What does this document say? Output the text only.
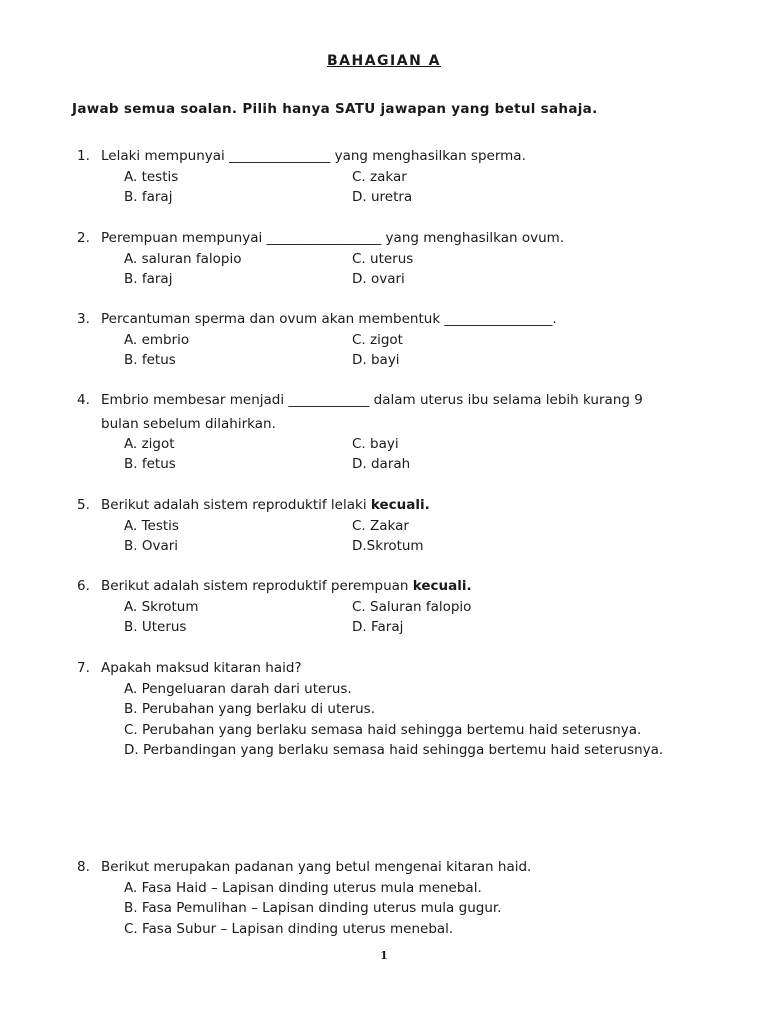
BAHAGIAN A
Jawab semua soalan. Pilih hanya SATU jawapan yang betul sahaja.
1. Lelaki mempunyai _______________ yang menghasilkan sperma.
A. testis	C. zakar
B. faraj	D. uretra
2. Perempuan mempunyai _________________ yang menghasilkan ovum.
A. saluran falopio	C. uterus
B. faraj	D. ovari
3. Percantuman sperma dan ovum akan membentuk ________________.
A. embrio	C. zigot
B. fetus	D. bayi
4. Embrio membesar menjadi ____________ dalam uterus ibu selama lebih kurang 9
bulan sebelum dilahirkan.
A. zigot	C. bayi
B. fetus	D. darah
5. Berikut adalah sistem reproduktif lelaki kecuali.
A. Testis	C. Zakar
B. Ovari	D.Skrotum
6. Berikut adalah sistem reproduktif perempuan kecuali.
A. Skrotum	C. Saluran falopio
B. Uterus	D. Faraj
7. Apakah maksud kitaran haid?
A. Pengeluaran darah dari uterus.
B. Perubahan yang berlaku di uterus.
C. Perubahan yang berlaku semasa haid sehingga bertemu haid seterusnya.
D. Perbandingan yang berlaku semasa haid sehingga bertemu haid seterusnya.
8. Berikut merupakan padanan yang betul mengenai kitaran haid.
A. Fasa Haid – Lapisan dinding uterus mula menebal.
B. Fasa Pemulihan – Lapisan dinding uterus mula gugur.
C. Fasa Subur – Lapisan dinding uterus menebal.
1
